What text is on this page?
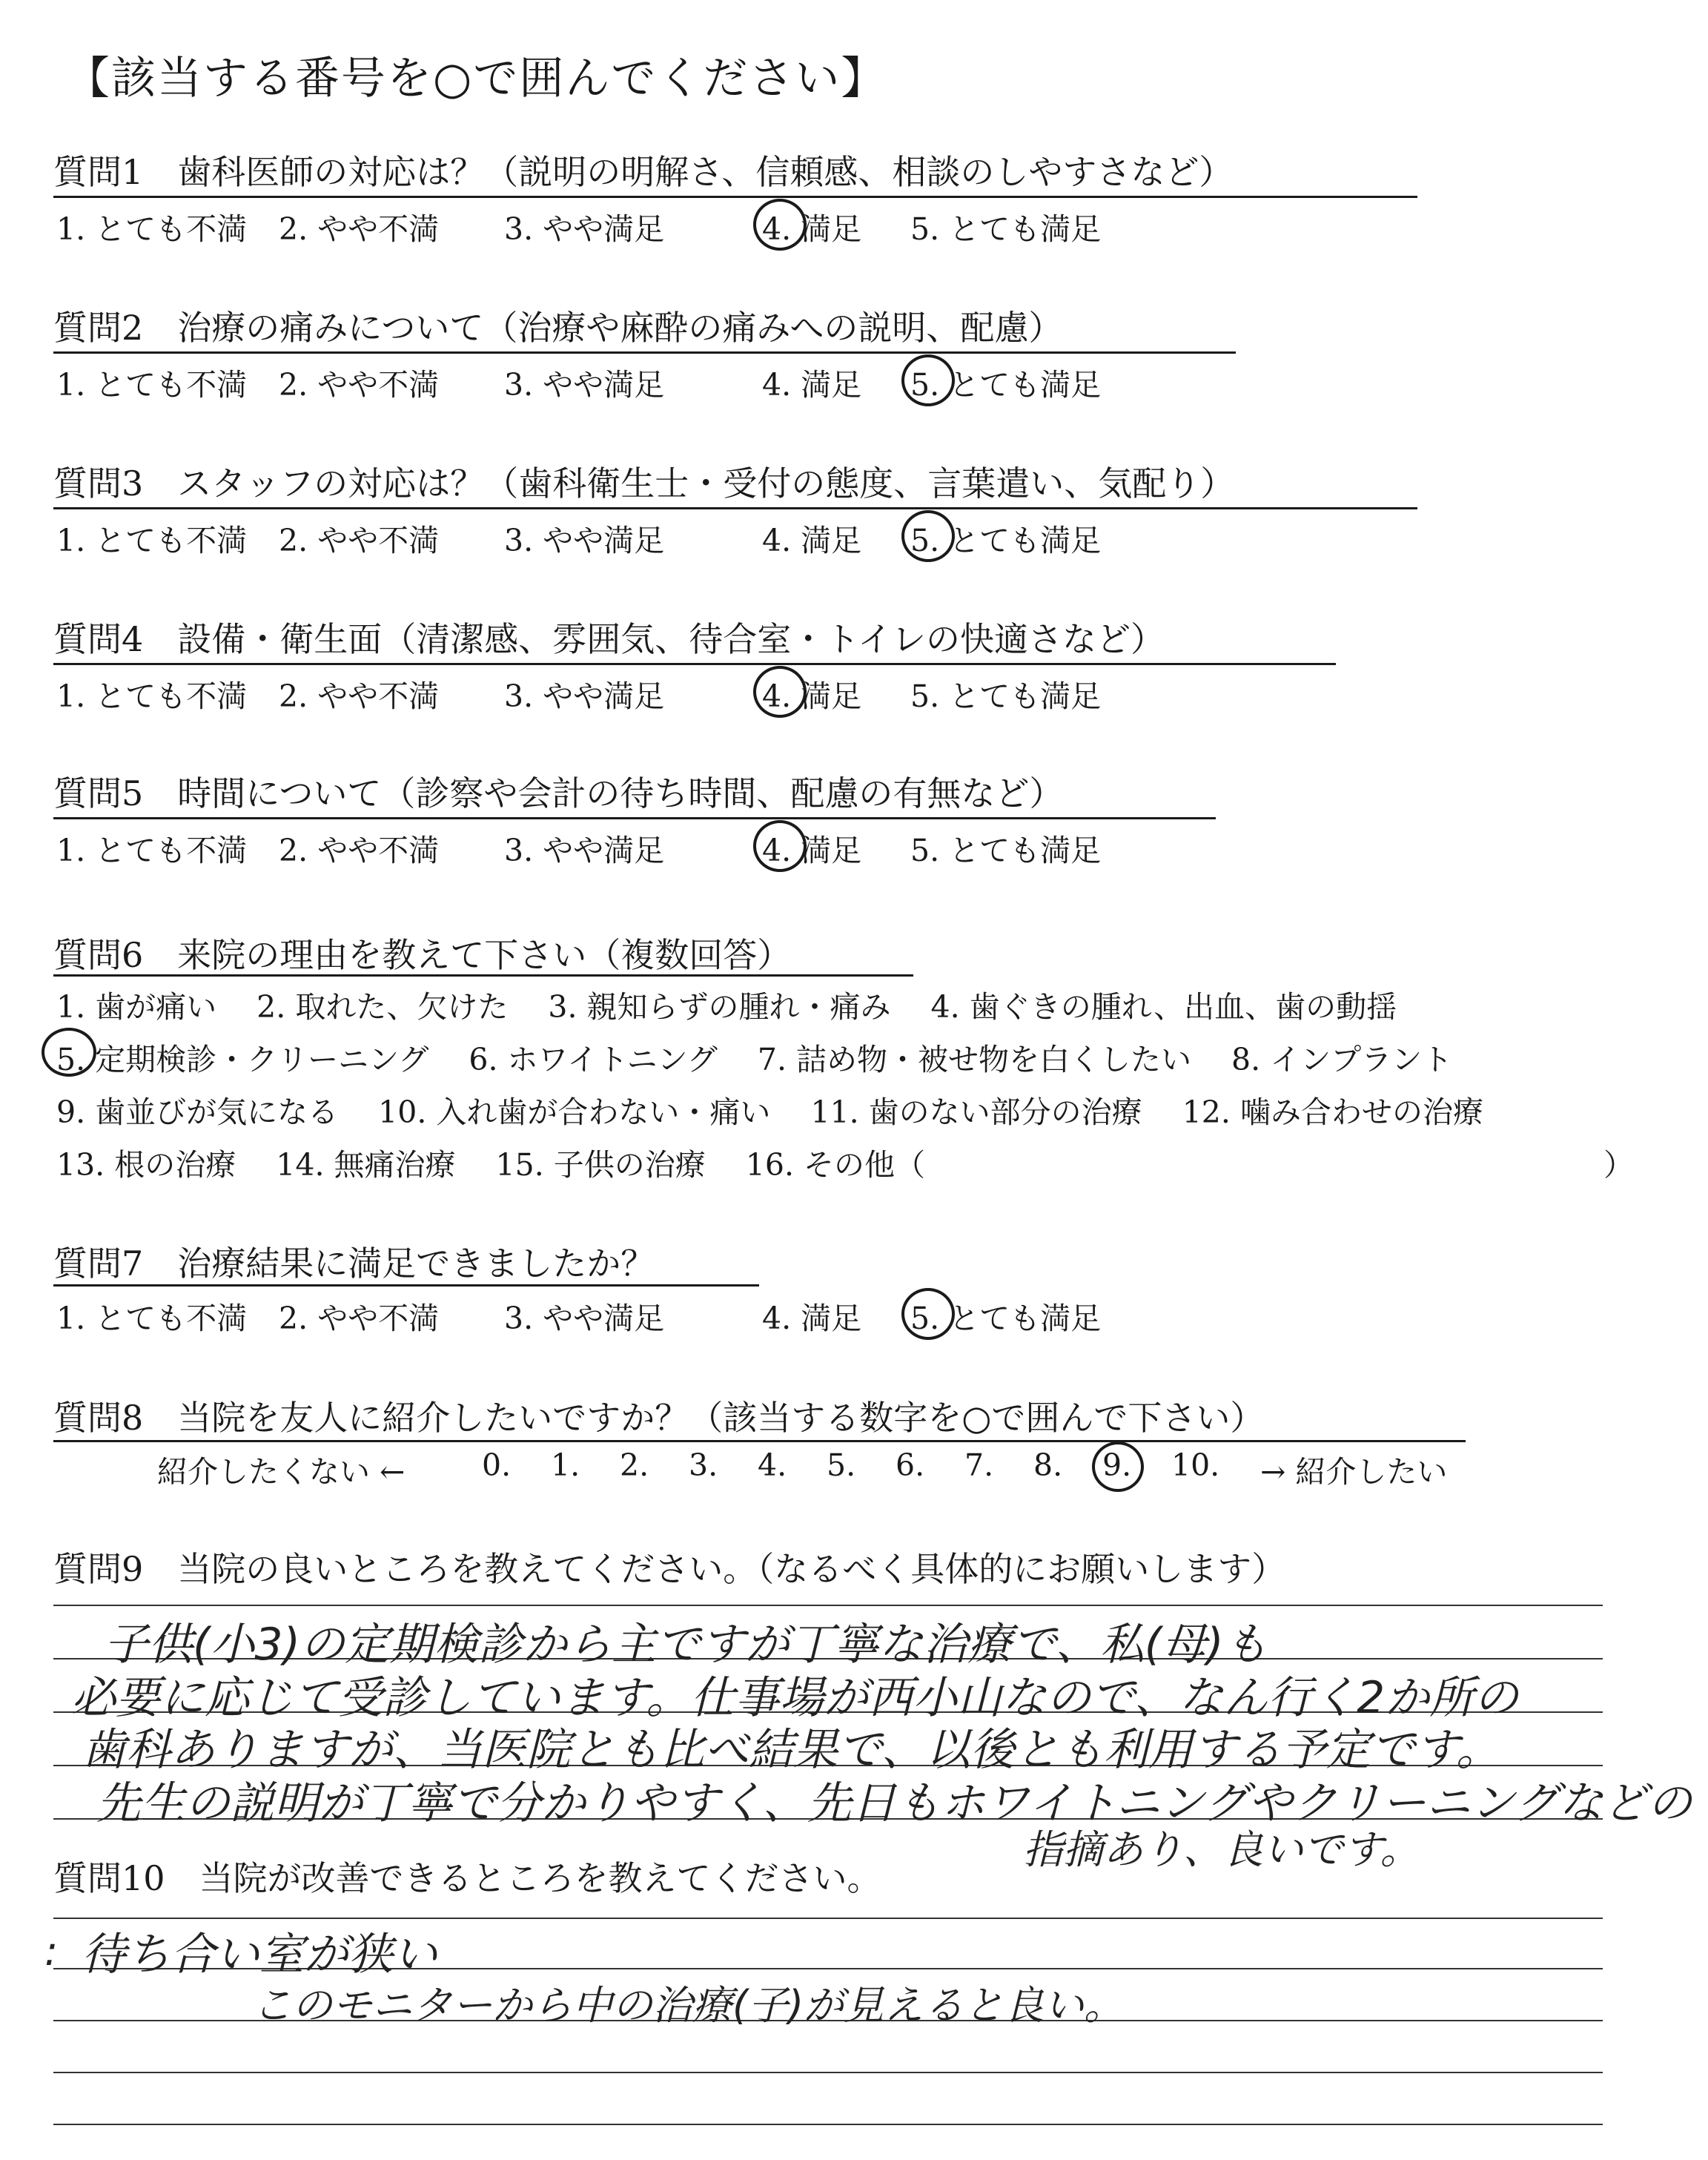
【該当する番号を○で囲んでください】
質問1　歯科医師の対応は？（説明の明解さ、信頼感、相談のしやすさなど）
1. とても不満 2. やや不満 3. やや満足	4. 満足 5. とても満足
質問2　治療の痛みについて（治療や麻酔の痛みへの説明、配慮）
1. とても不満 2. やや不満 3. やや満足	4. 満足 5. とても満足
質問3　スタッフの対応は？（歯科衛生士・受付の態度、言葉遣い、気配り）
1. とても不満 2. やや不満 3. やや満足	4. 満足 5. とても満足
質問4　設備・衛生面（清潔感、雰囲気、待合室・トイレの快適さなど）
1. とても不満 2. やや不満 3. やや満足	4. 満足 5. とても満足
質問5　時間について（診察や会計の待ち時間、配慮の有無など）
1. とても不満 2. やや不満 3. やや満足	4. 満足 5. とても満足
質問6　来院の理由を教えて下さい（複数回答）
1. 歯が痛い　 2. 取れた、欠けた　 3. 親知らずの腫れ・痛み　 4. 歯ぐきの腫れ、出血、歯の動揺
5. 定期検診・クリーニング　 6. ホワイトニング　 7. 詰め物・被せ物を白くしたい　 8. インプラント
9. 歯並びが気になる　 10. 入れ歯が合わない・痛い　 11. 歯のない部分の治療　 12. 噛み合わせの治療
13. 根の治療　 14. 無痛治療　 15. 子供の治療　 16. その他（	）
質問7　治療結果に満足できましたか？
1. とても不満 2. やや不満 3. やや満足	4. 満足 5. とても満足
質問8　当院を友人に紹介したいですか？（該当する数字を○で囲んで下さい）
紹介したくない ←	0. 1. 2. 3. 4. 5. 6. 7. 8. 9. 10. → 紹介したい
質問9　当院の良いところを教えてください。（なるべく具体的にお願いします）
子供(小3)の定期検診から主ですが丁寧な治療で、私(母)も
必要に応じて受診しています。仕事場が西小山なので、なん行く2か所の
歯科ありますが、当医院とも比べ結果で、以後とも利用する予定です。
先生の説明が丁寧で分かりやすく、先日もホワイトニングやクリーニングなどの
指摘あり、良いです。
質問10　当院が改善できるところを教えてください。
待ち合い室が狭い
このモニターから中の治療(子)が見えると良い。
:
